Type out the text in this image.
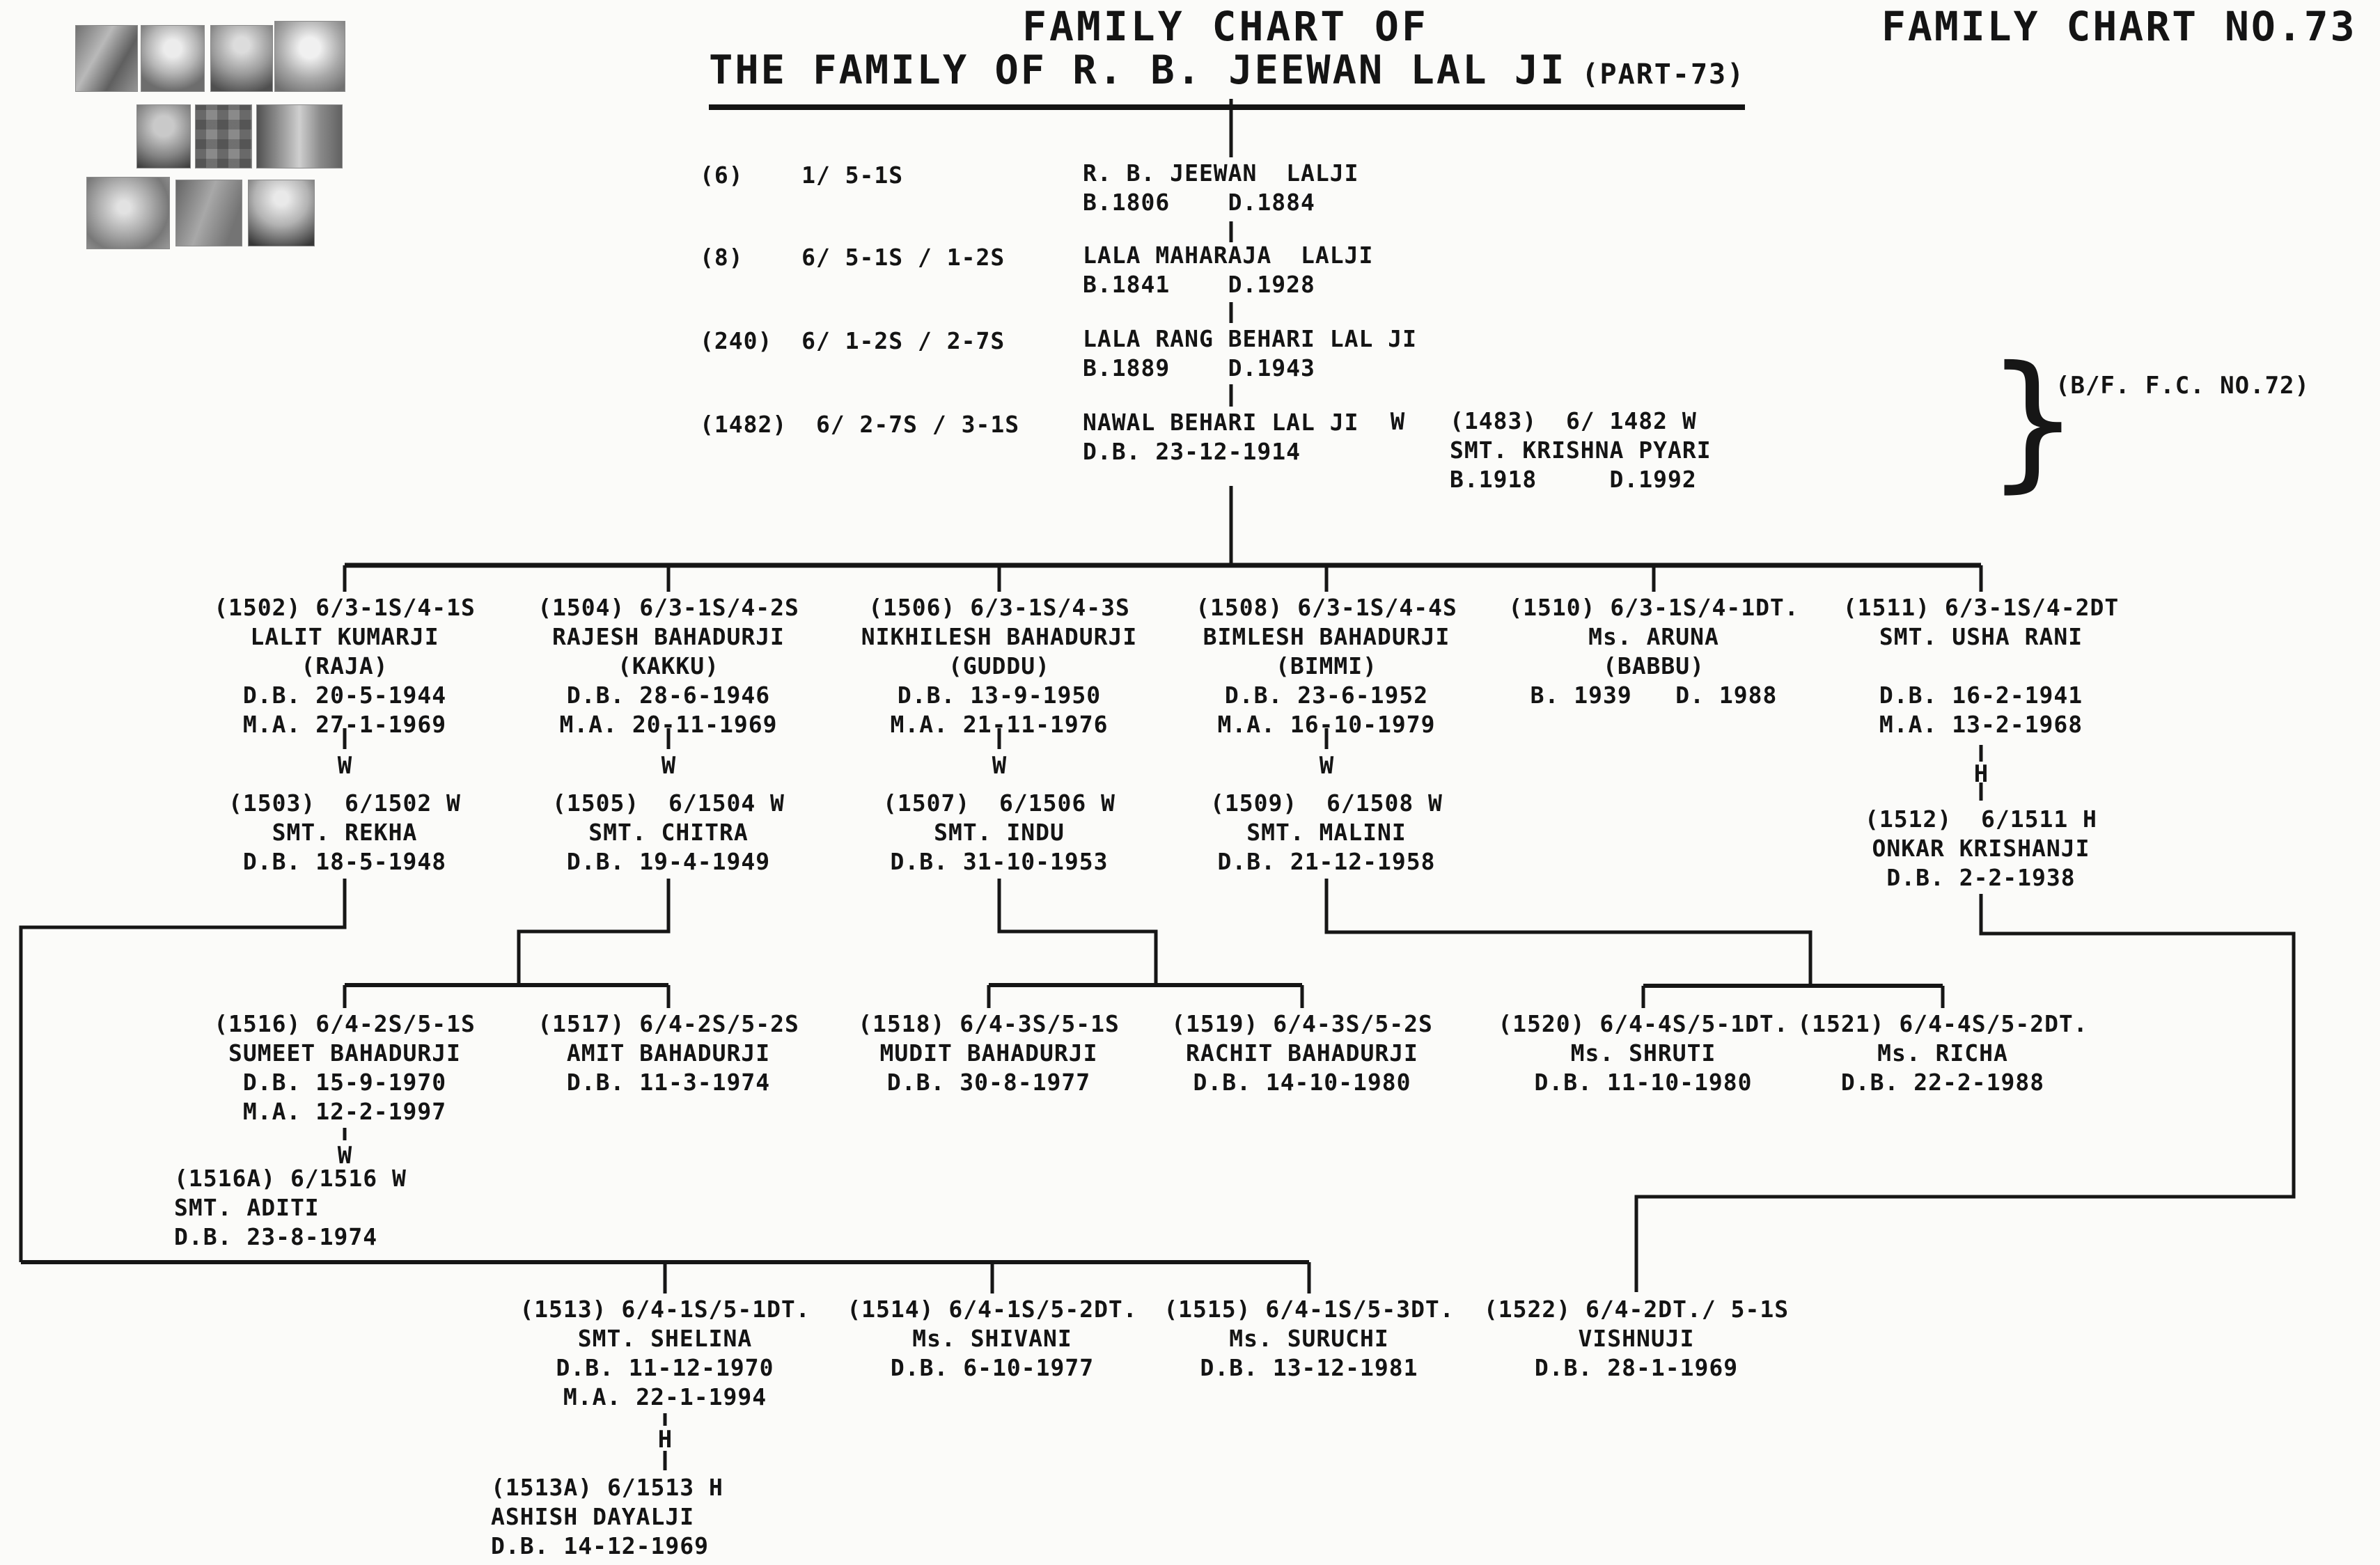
FAMILY CHART OF
THE FAMILY OF R. B. JEEWAN LAL JI (PART-73)
FAMILY CHART NO.73
(6)    1/ 5-1S	R. B. JEEWAN  LALJI
B.1806    D.1884
(8)    6/ 5-1S / 1-2S	LALA MAHARAJA  LALJI
B.1841    D.1928
(240)  6/ 1-2S / 2-7S	LALA RANG BEHARI LAL JI
B.1889    D.1943
(1482)  6/ 2-7S / 3-1S	NAWAL BEHARI LAL JI
D.B. 23-12-1914
W	(1483)  6/ 1482 W
SMT. KRISHNA PYARI
B.1918     D.1992	}
(B/F. F.C. NO.72)
(1502) 6/3-1S/4-1S
LALIT KUMARJI
(RAJA)
D.B. 20-5-1944
M.A. 27-1-1969
(1504) 6/3-1S/4-2S
RAJESH BAHADURJI
(KAKKU)
D.B. 28-6-1946
M.A. 20-11-1969
(1506) 6/3-1S/4-3S
NIKHILESH BAHADURJI
(GUDDU)
D.B. 13-9-1950
M.A. 21-11-1976
(1508) 6/3-1S/4-4S
BIMLESH BAHADURJI
(BIMMI)
D.B. 23-6-1952
M.A. 16-10-1979
(1510) 6/3-1S/4-1DT.
Ms. ARUNA
(BABBU)
B. 1939   D. 1988
(1511) 6/3-1S/4-2DT
SMT. USHA RANI

D.B. 16-2-1941
M.A. 13-2-1968
W	W	W	W	H
(1503)  6/1502 W
SMT. REKHA
D.B. 18-5-1948
(1505)  6/1504 W
SMT. CHITRA
D.B. 19-4-1949
(1507)  6/1506 W
SMT. INDU
D.B. 31-10-1953
(1509)  6/1508 W
SMT. MALINI
D.B. 21-12-1958
(1512)  6/1511 H
ONKAR KRISHANJI
D.B. 2-2-1938
(1516) 6/4-2S/5-1S
SUMEET BAHADURJI
D.B. 15-9-1970
M.A. 12-2-1997
(1517) 6/4-2S/5-2S
AMIT BAHADURJI
D.B. 11-3-1974
(1518) 6/4-3S/5-1S
MUDIT BAHADURJI
D.B. 30-8-1977
(1519) 6/4-3S/5-2S
RACHIT BAHADURJI
D.B. 14-10-1980
(1520) 6/4-4S/5-1DT.
Ms. SHRUTI
D.B. 11-10-1980
(1521) 6/4-4S/5-2DT.
Ms. RICHA
D.B. 22-2-1988
W
(1516A) 6/1516 W
SMT. ADITI
D.B. 23-8-1974
(1513) 6/4-1S/5-1DT.
SMT. SHELINA
D.B. 11-12-1970
M.A. 22-1-1994
(1514) 6/4-1S/5-2DT.
Ms. SHIVANI
D.B. 6-10-1977
(1515) 6/4-1S/5-3DT.
Ms. SURUCHI
D.B. 13-12-1981
(1522) 6/4-2DT./ 5-1S
VISHNUJI
D.B. 28-1-1969
H
(1513A) 6/1513 H
ASHISH DAYALJI
D.B. 14-12-1969
